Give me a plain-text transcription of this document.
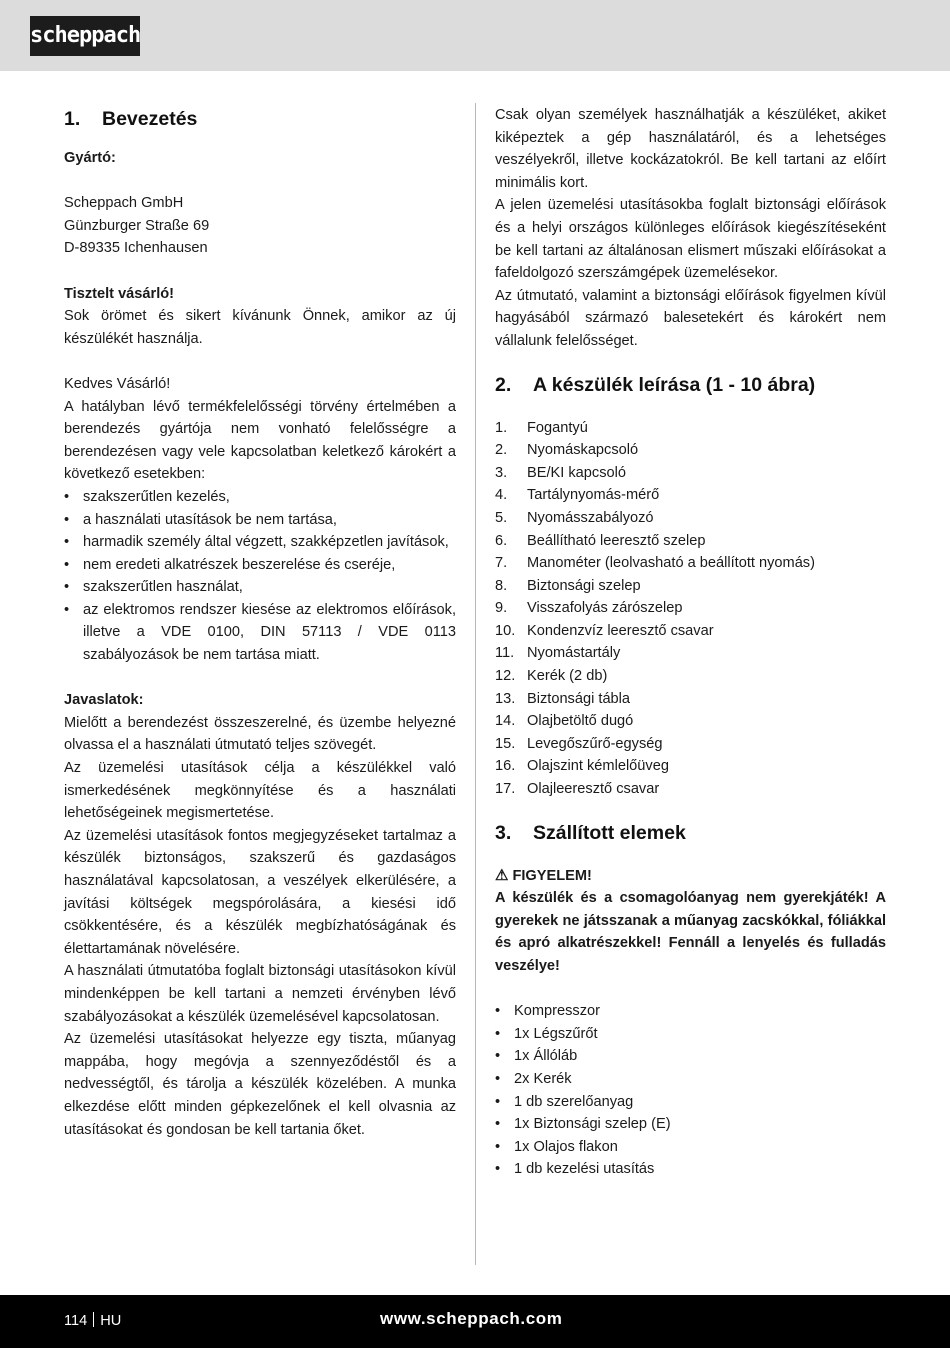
scheppach
1.	Bevezetés

Gyártó:

Scheppach GmbH

Günzburger Straße 69

D-89335 Ichenhausen

Tisztelt vásárló!

Sok örömet és sikert kívánunk Önnek, amikor az új készülékét használja.

Kedves Vásárló!

A hatályban lévő termékfelelősségi törvény értelmében a berendezés gyártója nem vonható felelősségre a berendezésen vagy vele kapcsolatban keletkező károkért a következő esetekben:

• szakszerűtlen kezelés,
• a használati utasítások be nem tartása,
• harmadik személy által végzett, szakképzetlen javítások,
• nem eredeti alkatrészek beszerelése és cseréje,
• szakszerűtlen használat,
• az elektromos rendszer kiesése az elektromos előírások, illetve a VDE 0100, DIN 57113 / VDE 0113 szabályozások be nem tartása miatt.

Javaslatok:

Mielőtt a berendezést összeszerelné, és üzembe helyezné olvassa el a használati útmutató teljes szövegét.

Az üzemelési utasítások célja a készülékkel való ismerkedésének megkönnyítése és a használati lehetőségeinek megismertetése.

Az üzemelési utasítások fontos megjegyzéseket tartalmaz a készülék biztonságos, szakszerű és gazdaságos használatával kapcsolatosan, a veszélyek elkerülésére, a javítási költségek megspórolására, a kiesési idő csökkentésére, és a készülék megbízhatóságának és élettartamának növelésére.

A használati útmutatóba foglalt biztonsági utasításokon kívül mindenképpen be kell tartani a nemzeti érvényben lévő szabályozásokat a készülék üzemelésével kapcsolatosan.

Az üzemelési utasításokat helyezze egy tiszta, műanyag mappába, hogy megóvja a szennyeződéstől és a nedvességtől, és tárolja a készülék közelében. A munka elkezdése előtt minden gépkezelőnek el kell olvasnia az utasításokat és gondosan be kell tartania őket.

Csak olyan személyek használhatják a készüléket, akiket kiképeztek a gép használatáról, és a lehetséges veszélyekről, illetve kockázatokról. Be kell tartani az előírt minimális kort.

A jelen üzemelési utasításokba foglalt biztonsági előírások és a helyi országos különleges előírások kiegészítéseként be kell tartani az általánosan elismert műszaki előírásokat a fafeldolgozó szerszámgépek üzemelésekor.

Az útmutató, valamint a biztonsági előírások figyelmen kívül hagyásából származó balesetekért és károkért nem vállalunk felelősséget.

2.	A készülék leírása (1 - 10 ábra)
1.	Fogantyú
2.	Nyomáskapcsoló
3.	BE/KI kapcsoló
4.	Tartálynyomás-mérő
5.	Nyomásszabályozó
6.	Beállítható leeresztő szelep
7.	Manométer (leolvasható a beállított nyomás)
8.	Biztonsági szelep
9.	Visszafolyás zárószelep
10. Kondenzvíz leeresztő csavar
11. Nyomástartály
12. Kerék (2 db)
13. Biztonsági tábla
14. Olajbetöltő dugó
15. Levegőszűrő-egység
16. Olajszint kémlelőüveg
17. Olajleeresztő csavar
3.	Szállított elemek

⚠ FIGYELEM!

A készülék és a csomagolóanyag nem gyerekjáték! A gyerekek ne játsszanak a műanyag zacskókkal, fóliákkal és apró alkatrészekkel! Fennáll a lenyelés és fulladás veszélye!

• Kompresszor
• 1x Légszűrőt
• 1x Állóláb
• 2x Kerék
• 1 db szerelőanyag
• 1x Biztonsági szelep (E)
• 1x Olajos flakon
• 1 db kezelési utasítás
114 HU	www.scheppach.com
